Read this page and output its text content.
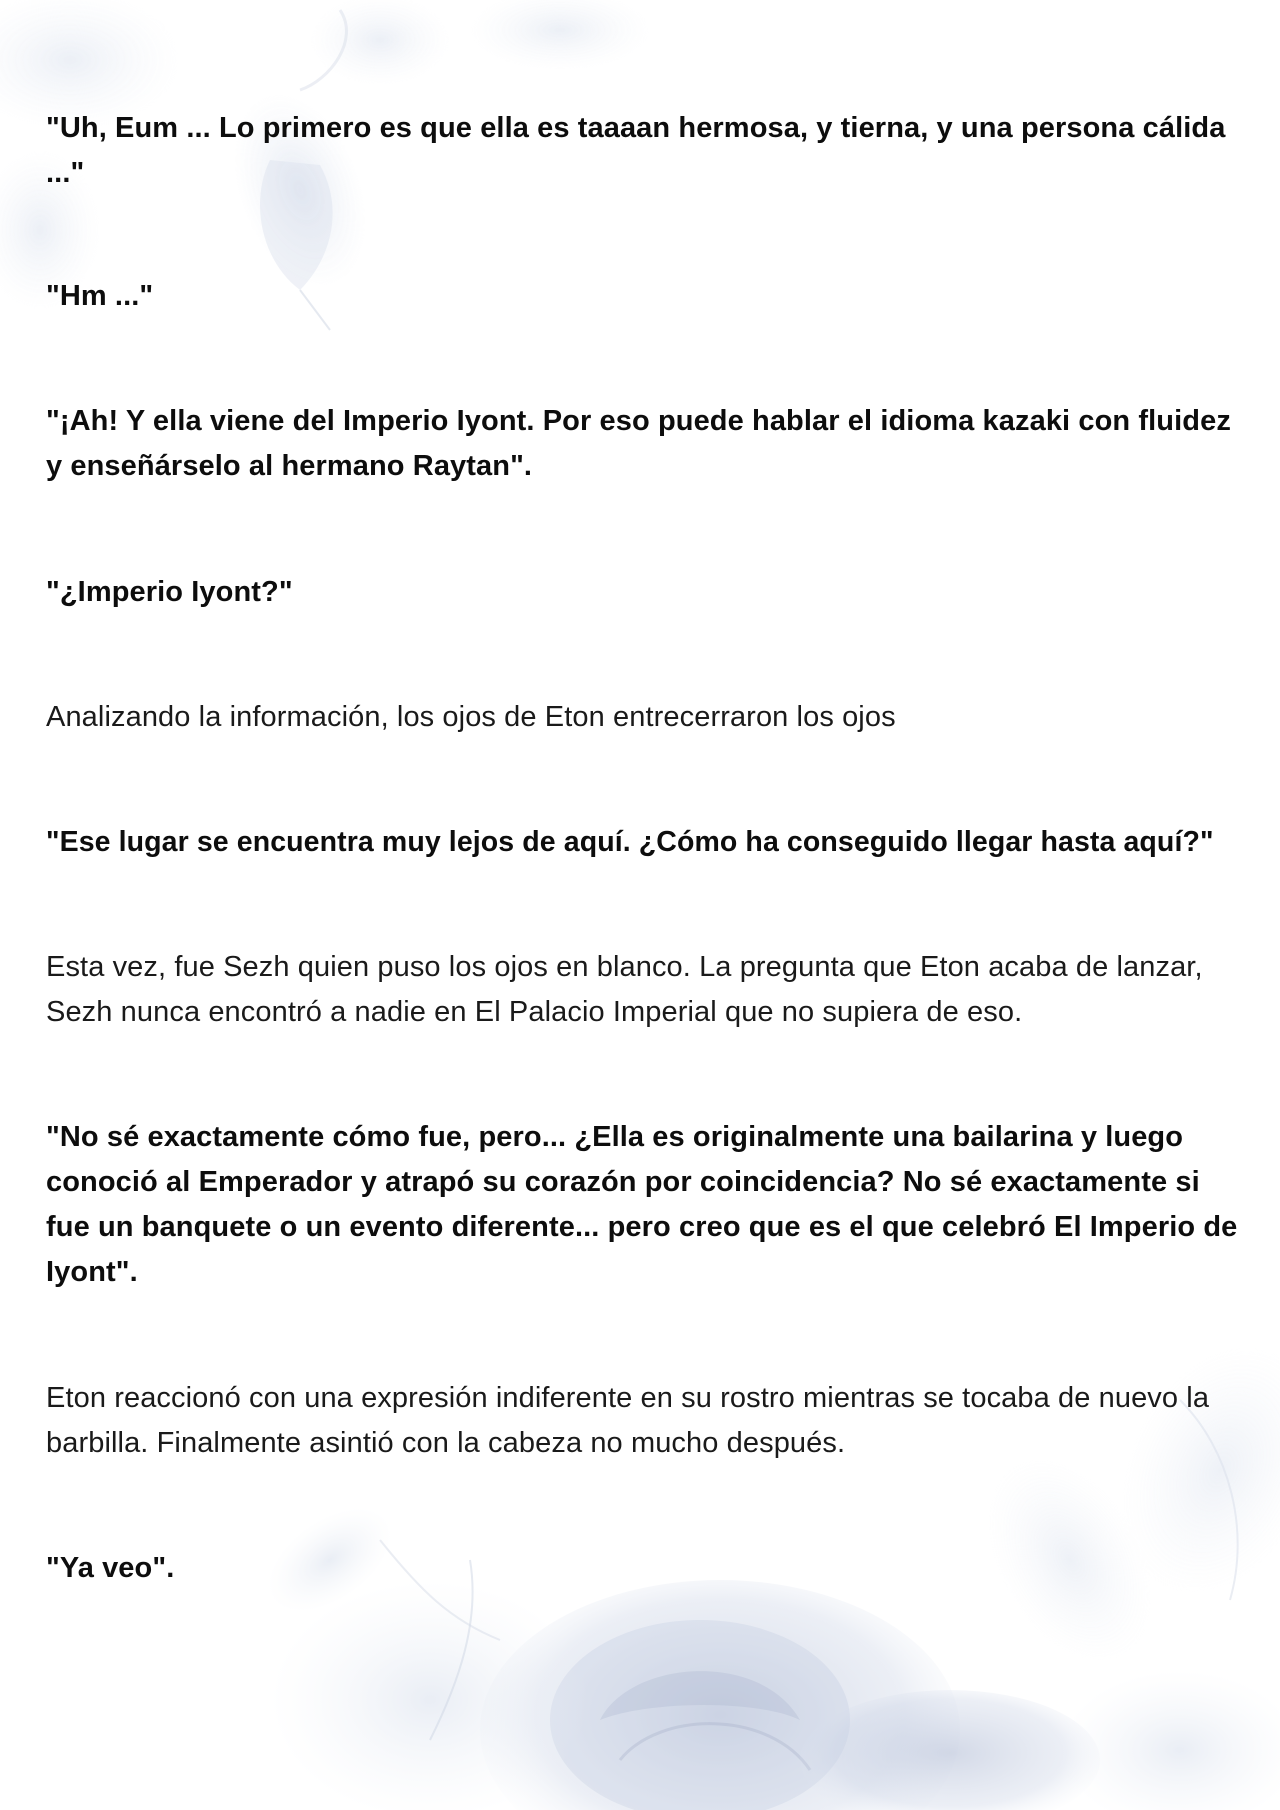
"Uh, Eum ... Lo primero es que ella es taaaan hermosa, y tierna, y una persona cálida ..."

"Hm ..."

"¡Ah! Y ella viene del Imperio Iyont. Por eso puede hablar el idioma kazaki con fluidez y enseñárselo al hermano Raytan".

"¿Imperio Iyont?"

Analizando la información, los ojos de Eton entrecerraron los ojos

"Ese lugar se encuentra muy lejos de aquí. ¿Cómo ha conseguido llegar hasta aquí?"

Esta vez, fue Sezh quien puso los ojos en blanco. La pregunta que Eton acaba de lanzar, Sezh nunca encontró a nadie en El Palacio Imperial que no supiera de eso.

"No sé exactamente cómo fue, pero... ¿Ella es originalmente una bailarina y luego conoció al Emperador y atrapó su corazón por coincidencia? No sé exactamente si fue un banquete o un evento diferente... pero creo que es el que celebró El Imperio de Iyont".

Eton reaccionó con una expresión indiferente en su rostro mientras se tocaba de nuevo la barbilla. Finalmente asintió con la cabeza no mucho después.

"Ya veo".
